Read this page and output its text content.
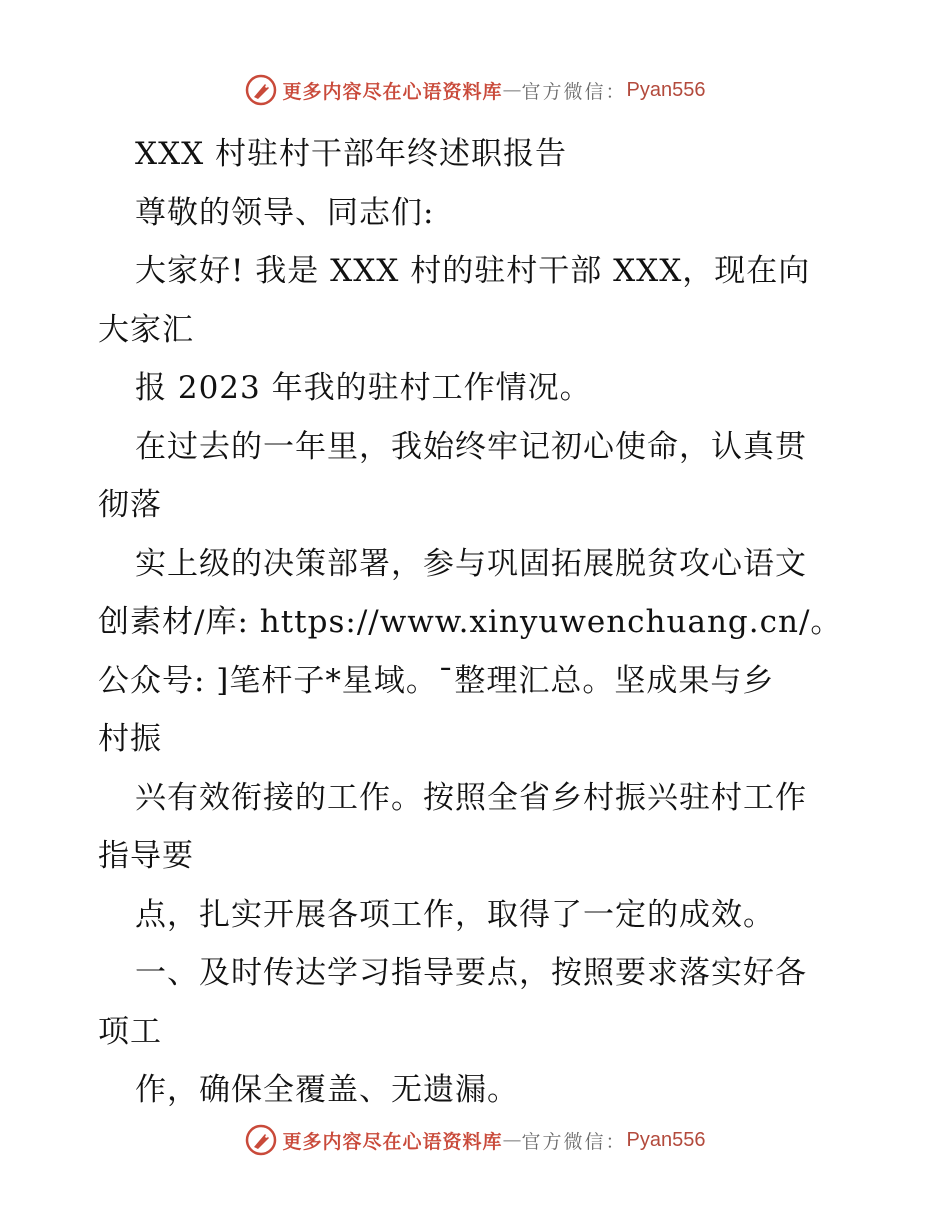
更多内容尽在心语资料库 — 官方微信： Pyan556
XXX 村驻村干部年终述职报告
尊敬的领导、同志们:
大家好! 我是 XXX 村的驻村干部 XXX，现在向
大家汇
报 2023 年我的驻村工作情况。
在过去的一年里，我始终牢记初心使命，认真贯
彻落
实上级的决策部署，参与巩固拓展脱贫攻心语文
创素材/库: https://www.xinyuwenchuang.cn/。
公众号: ]笔杆子*星域。¯整理汇总。坚成果与乡
村振
兴有效衔接的工作。按照全省乡村振兴驻村工作
指导要
点，扎实开展各项工作，取得了一定的成效。
一、及时传达学习指导要点，按照要求落实好各
项工
作，确保全覆盖、无遗漏。
更多内容尽在心语资料库 — 官方微信： Pyan556
